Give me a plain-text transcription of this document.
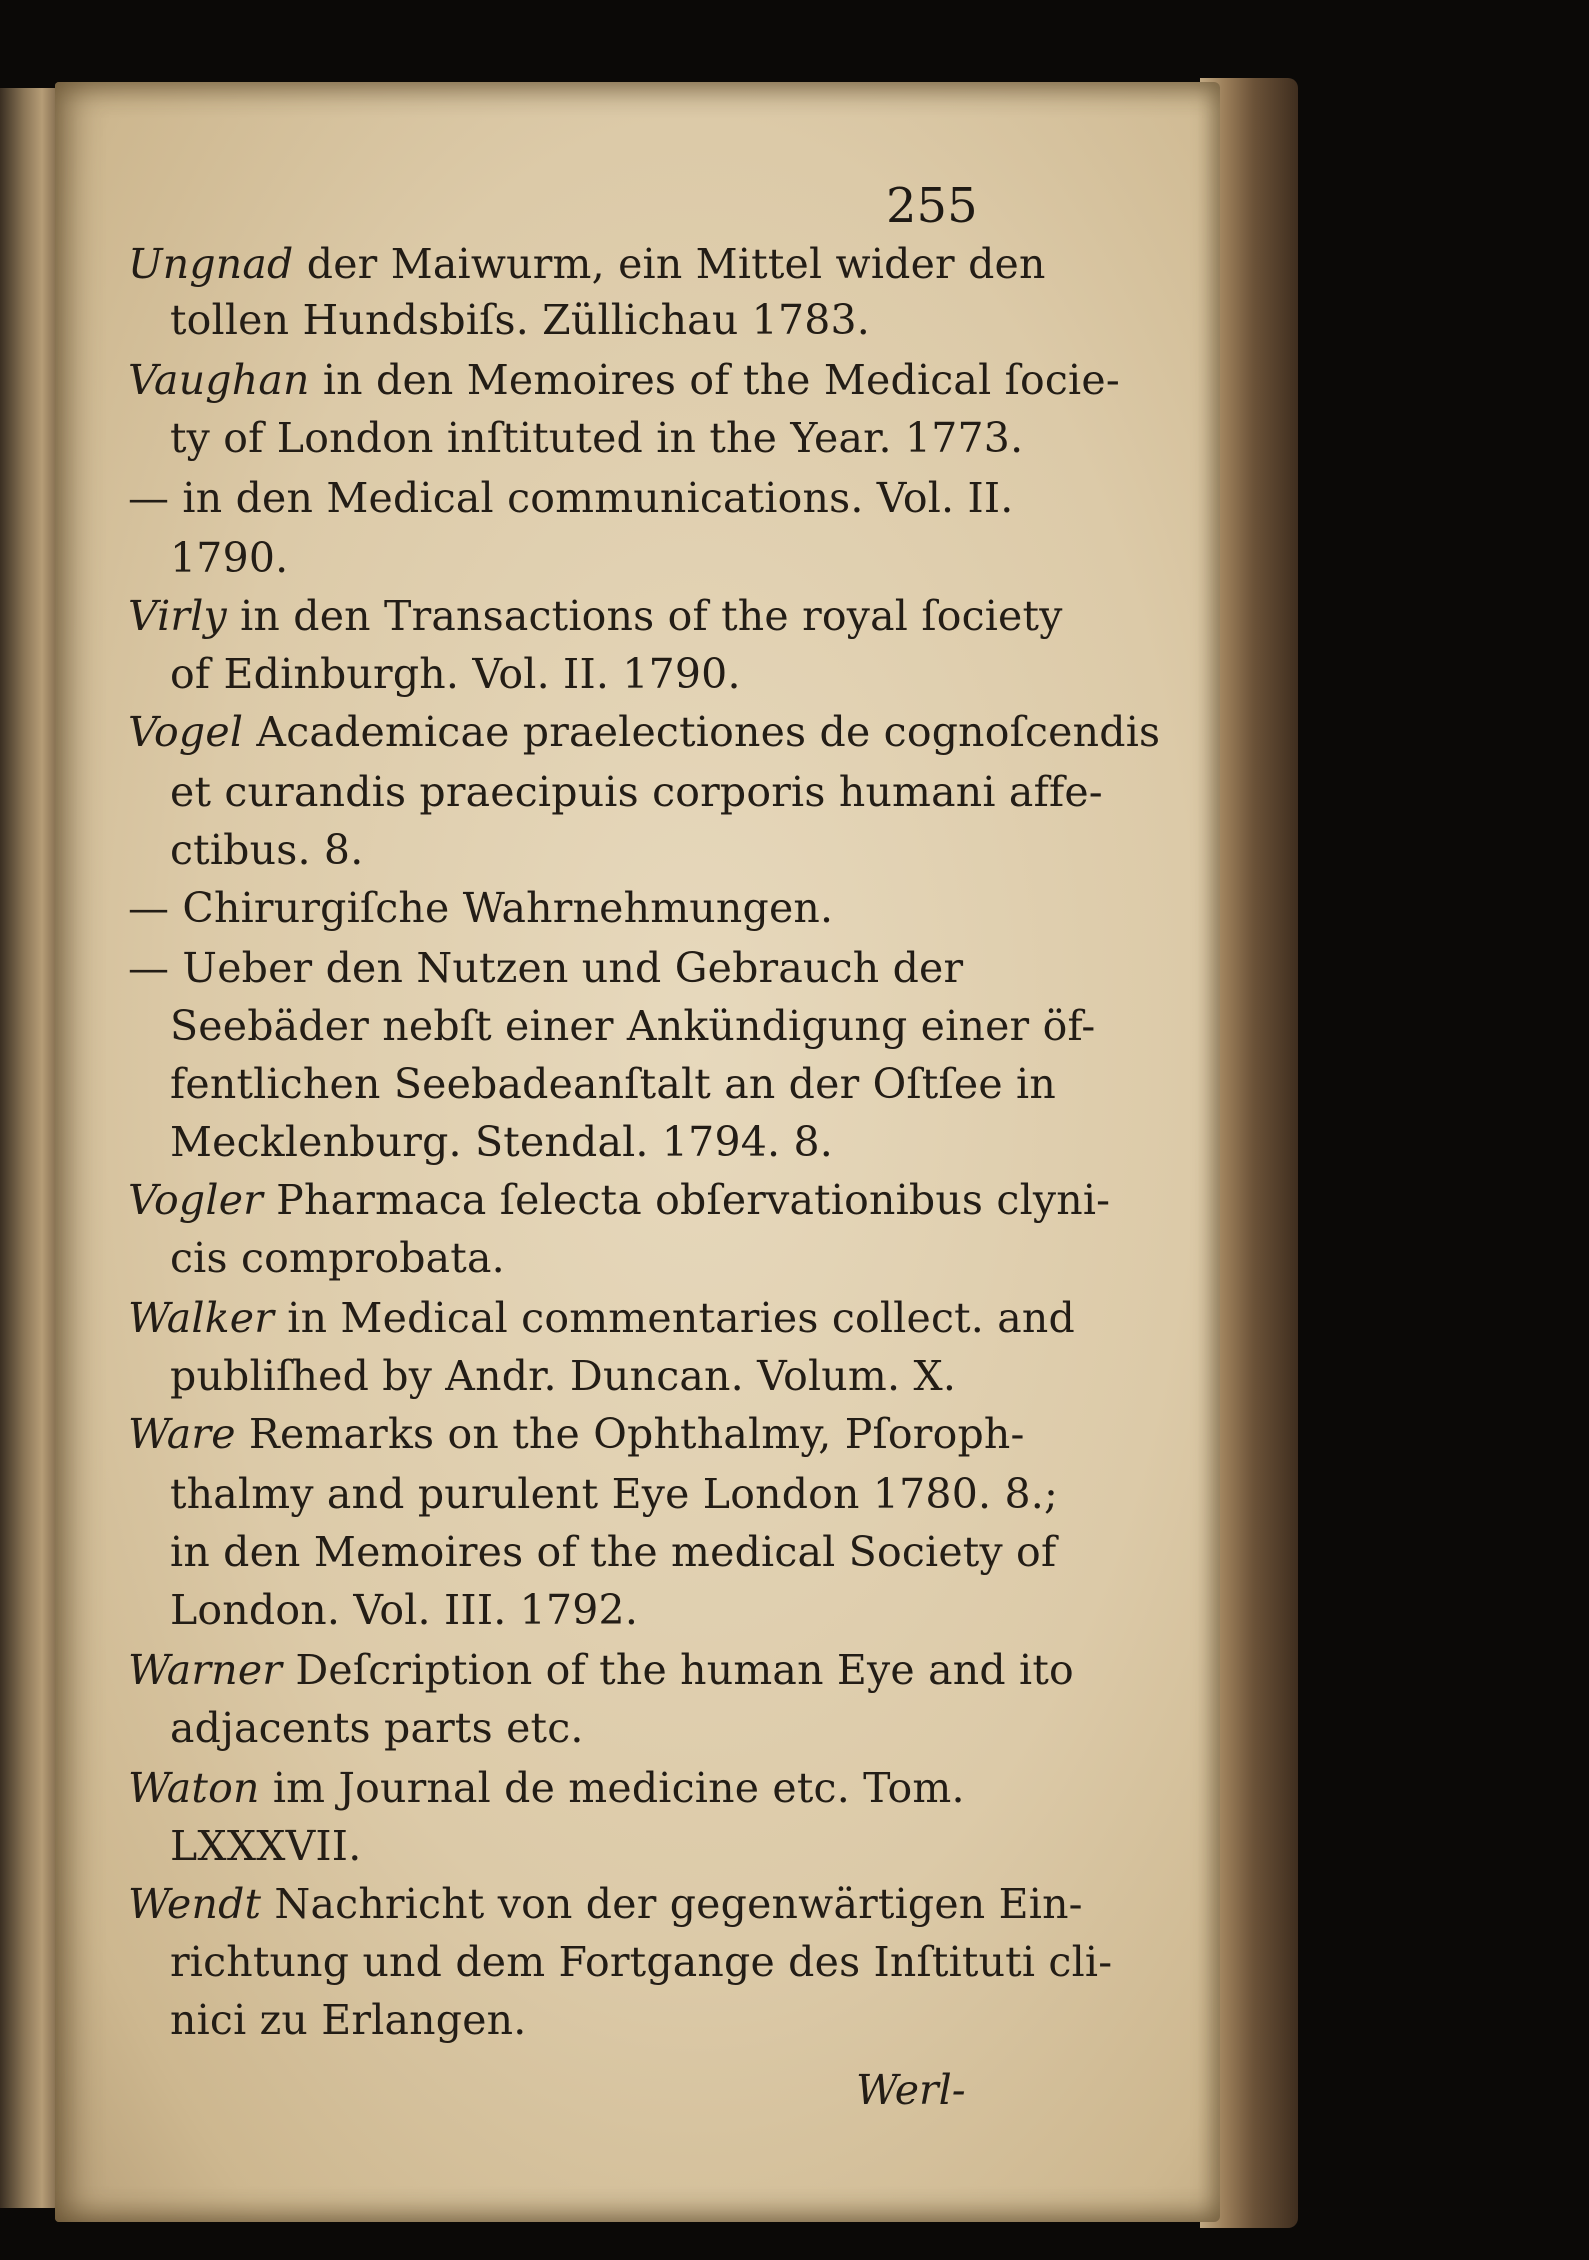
255
Ungnad der Maiwurm, ein Mittel wider den
tollen Hundsbiſs. Züllichau 1783.
Vaughan in den Memoires of the Medical ſocie-
ty of London inſtituted in the Year. 1773.
— in den Medical communications. Vol. II.
1790.
Virly in den Transactions of the royal ſociety
of Edinburgh. Vol. II. 1790.
Vogel Academicae praelectiones de cognoſcendis
et curandis praecipuis corporis humani affe-
ctibus. 8.
— Chirurgiſche Wahrnehmungen.
— Ueber den Nutzen und Gebrauch der
Seebäder nebſt einer Ankündigung einer öf-
fentlichen Seebadeanſtalt an der Oſtſee in
Mecklenburg. Stendal. 1794. 8.
Vogler Pharmaca ſelecta obſervationibus clyni-
cis comprobata.
Walker in Medical commentaries collect. and
publiſhed by Andr. Duncan. Volum. X.
Ware Remarks on the Ophthalmy, Pſoroph-
thalmy and purulent Eye London 1780. 8.;
in den Memoires of the medical Society of
London. Vol. III. 1792.
Warner Deſcription of the human Eye and ito
adjacents parts etc.
Waton im Journal de medicine etc. Tom.
LXXXVII.
Wendt Nachricht von der gegenwärtigen Ein-
richtung und dem Fortgange des Inſtituti cli-
nici zu Erlangen.
Werl-
